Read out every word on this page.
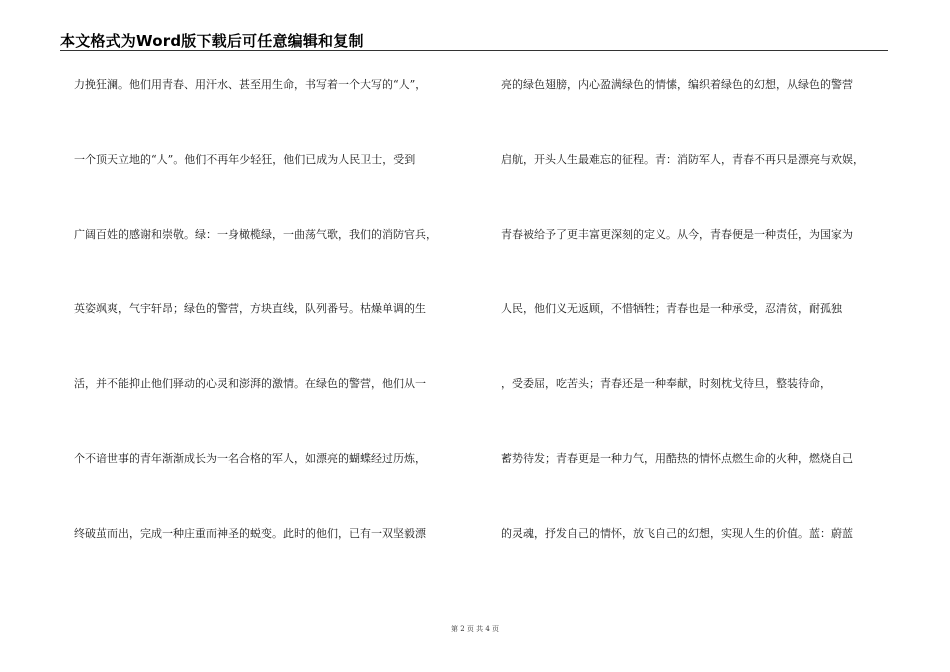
本文格式为Word版下载后可任意编辑和复制
力挽狂澜。他们用青春、用汗水、甚至用生命，书写着一个大写的“人”，
一个顶天立地的“人”。他们不再年少轻狂，他们已成为人民卫士，受到
广阔百姓的感谢和崇敬。绿：一身橄榄绿，一曲荡气歌，我们的消防官兵，
英姿飒爽，气宇轩昂；绿色的警营，方块直线，队列番号。枯燥单调的生
活，并不能抑止他们驿动的心灵和澎湃的激情。在绿色的警营，他们从一
个不谙世事的青年渐渐成长为一名合格的军人，如漂亮的蝴蝶经过历炼，
终破茧而出，完成一种庄重而神圣的蜕变。此时的他们，已有一双坚毅漂
亮的绿色翅膀，内心盈满绿色的情愫，编织着绿色的幻想，从绿色的警营
启航，开头人生最难忘的征程。青：消防军人，青春不再只是漂亮与欢娱，
青春被给予了更丰富更深刻的定义。从今，青春便是一种责任，为国家为
人民，他们义无返顾，不惜牺牲；青春也是一种承受，忍清贫，耐孤独
，受委屈，吃苦头；青春还是一种奉献，时刻枕戈待旦，整装待命，
蓄势待发；青春更是一种力气，用酷热的情怀点燃生命的火种，燃烧自己
的灵魂，抒发自己的情怀，放飞自己的幻想，实现人生的价值。蓝：蔚蓝
第 2 页 共 4 页
